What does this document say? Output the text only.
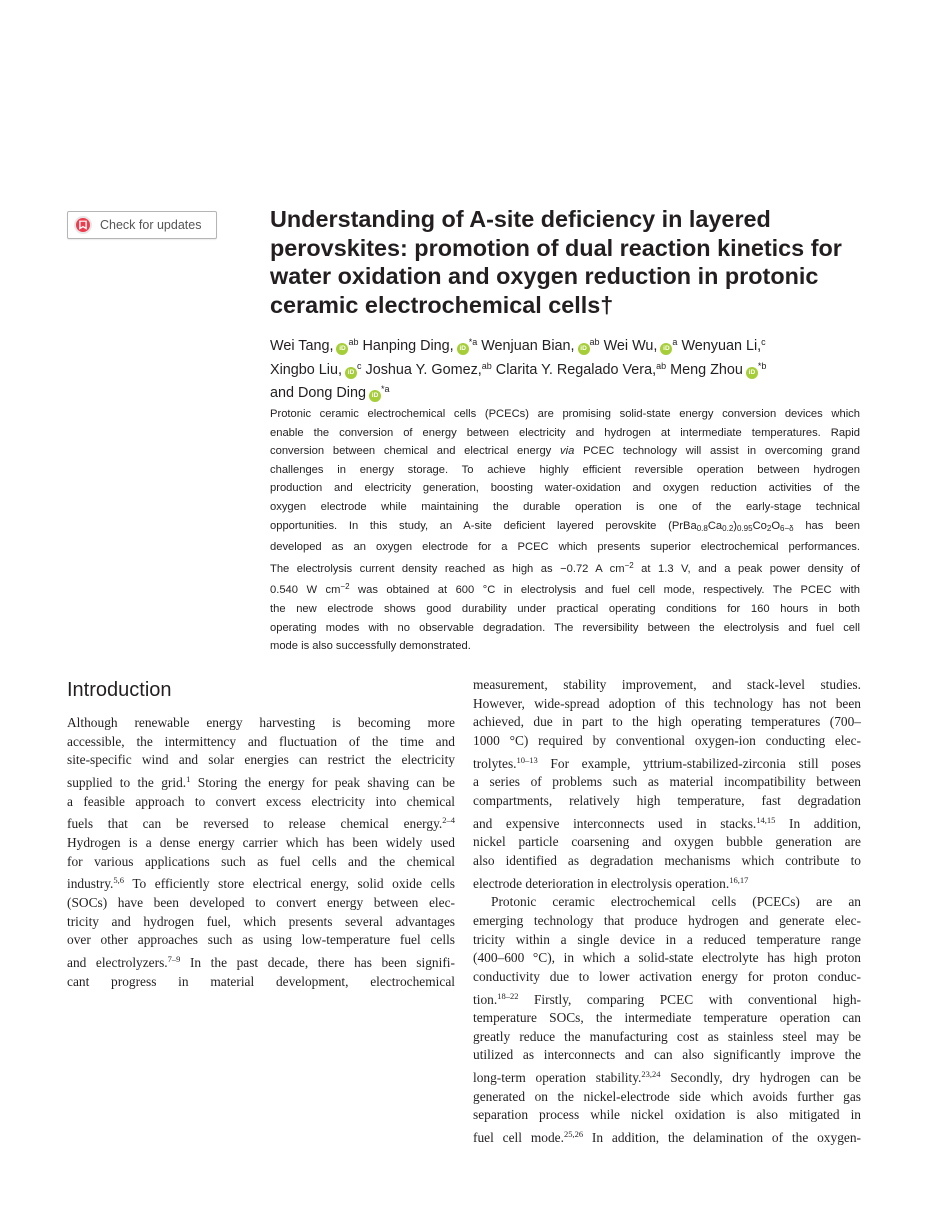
Check for updates	Understanding of A-site deficiency in layered
perovskites: promotion of dual reaction kinetics for
water oxidation and oxygen reduction in protonic
ceramic electrochemical cells†
Wei Tang, iD$^{ab}$ Hanping Ding, iD$^{*a}$ Wenjuan Bian, iD$^{ab}$ Wei Wu, iD$^a$ Wenyuan Li,$^c$
Xingbo Liu, iD$^c$ Joshua Y. Gomez,$^{ab}$ Clarita Y. Regalado Vera,$^{ab}$ Meng Zhou iD$^{*b}$
and Dong Ding iD$^{*a}$
Protonic ceramic electrochemical cells (PCECs) are promising solid-state energy conversion devices which
enable the conversion of energy between electricity and hydrogen at intermediate temperatures. Rapid
conversion between chemical and electrical energy via PCEC technology will assist in overcoming grand
challenges in energy storage. To achieve highly efficient reversible operation between hydrogen
production and electricity generation, boosting water-oxidation and oxygen reduction activities of the
oxygen electrode while maintaining the durable operation is one of the early-stage technical
opportunities. In this study, an A-site deficient layered perovskite $(PrBa_{0.8}Ca_{0.2})_{0.95}Co_2O_{6-\delta}$ has been
developed as an oxygen electrode for a PCEC which presents superior electrochemical performances.
The electrolysis current density reached as high as −0.72 A $cm^{-2}$ at 1.3 V, and a peak power density of
0.540 W $cm^{-2}$ was obtained at 600 °C in electrolysis and fuel cell mode, respectively. The PCEC with
the new electrode shows good durability under practical operating conditions for 160 hours in both
operating modes with no observable degradation. The reversibility between the electrolysis and fuel cell
mode is also successfully demonstrated.
Introduction
Although renewable energy harvesting is becoming more
accessible, the intermittency and fluctuation of the time and
site-specific wind and solar energies can restrict the electricity
supplied to the grid.$^1$ Storing the energy for peak shaving can be
a feasible approach to convert excess electricity into chemical
fuels that can be reversed to release chemical energy.$^{2-4}$
Hydrogen is a dense energy carrier which has been widely used
for various applications such as fuel cells and the chemical
industry.$^{5,6}$ To efficiently store electrical energy, solid oxide cells
(SOCs) have been developed to convert energy between elec-
tricity and hydrogen fuel, which presents several advantages
over other approaches such as using low-temperature fuel cells
and electrolyzers.$^{7-9}$ In the past decade, there has been signifi-
cant progress in material development, electrochemical
measurement, stability improvement, and stack-level studies.
However, wide-spread adoption of this technology has not been
achieved, due in part to the high operating temperatures (700–
1000 °C) required by conventional oxygen-ion conducting elec-
trolytes.$^{10-13}$ For example, yttrium-stabilized-zirconia still poses
a series of problems such as material incompatibility between
compartments, relatively high temperature, fast degradation
and expensive interconnects used in stacks.$^{14,15}$ In addition,
nickel particle coarsening and oxygen bubble generation are
also identified as degradation mechanisms which contribute to
electrode deterioration in electrolysis operation.$^{16,17}$
Protonic ceramic electrochemical cells (PCECs) are an
emerging technology that produce hydrogen and generate elec-
tricity within a single device in a reduced temperature range
(400–600 °C), in which a solid-state electrolyte has high proton
conductivity due to lower activation energy for proton conduc-
tion.$^{18-22}$ Firstly, comparing PCEC with conventional high-
temperature SOCs, the intermediate temperature operation can
greatly reduce the manufacturing cost as stainless steel may be
utilized as interconnects and can also significantly improve the
long-term operation stability.$^{23,24}$ Secondly, dry hydrogen can be
generated on the nickel-electrode side which avoids further gas
separation process while nickel oxidation is also mitigated in
fuel cell mode.$^{25,26}$ In addition, the delamination of the oxygen-
